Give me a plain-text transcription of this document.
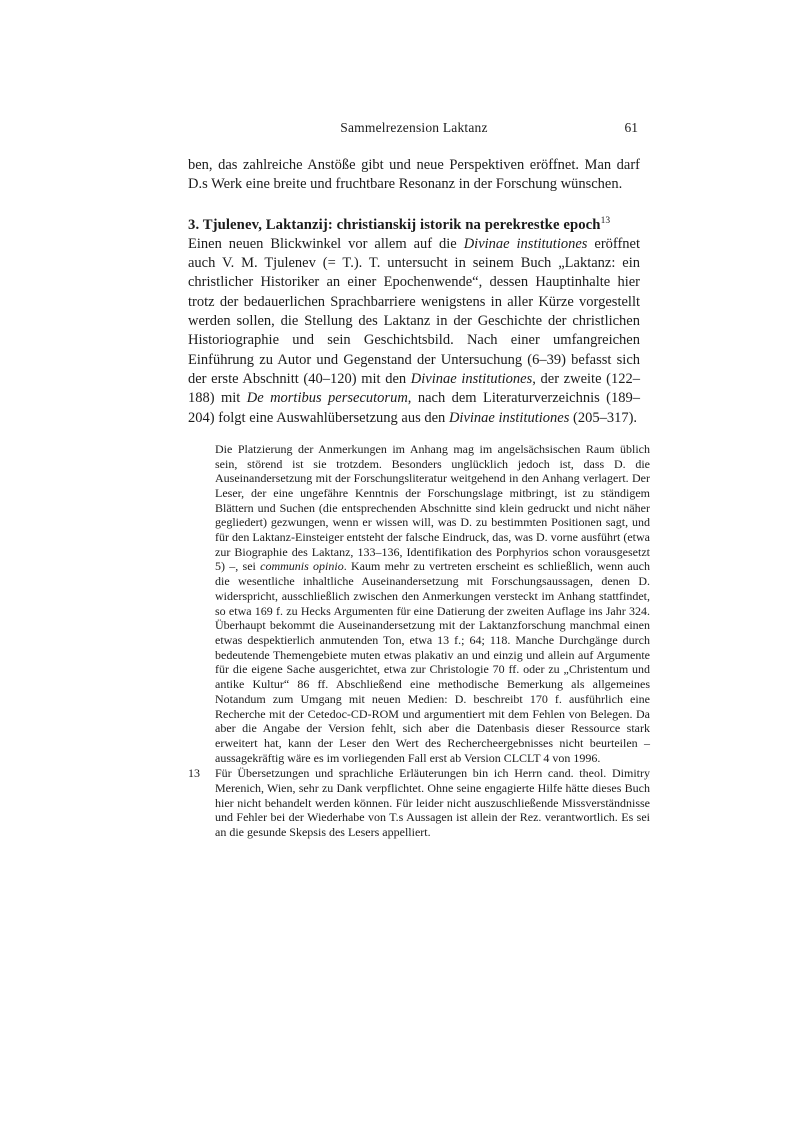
Sammelrezension Laktanz	61

ben, das zahlreiche Anstöße gibt und neue Perspektiven eröffnet. Man darf D.s Werk eine breite und fruchtbare Resonanz in der Forschung wünschen.

3. Tjulenev, Laktanzij: christianskij istorik na perekrestke epoch$^{13}$

Einen neuen Blickwinkel vor allem auf die Divinae institutiones eröffnet auch V. M. Tjulenev (= T.). T. untersucht in seinem Buch „Laktanz: ein christlicher Historiker an einer Epochenwende“, dessen Hauptinhalte hier trotz der bedauerlichen Sprachbarriere wenigstens in aller Kürze vorgestellt werden sollen, die Stellung des Laktanz in der Geschichte der christlichen Historiographie und sein Geschichtsbild. Nach einer umfangreichen Einführung zu Autor und Gegenstand der Untersuchung (6–39) befasst sich der erste Abschnitt (40–120) mit den Divinae institutiones, der zweite (122–188) mit De mortibus persecutorum, nach dem Literaturverzeichnis (189–204) folgt eine Auswahlübersetzung aus den Divinae institutiones (205–317).

Die Platzierung der Anmerkungen im Anhang mag im angelsächsischen Raum üblich sein, störend ist sie trotzdem. Besonders unglücklich jedoch ist, dass D. die Auseinandersetzung mit der Forschungsliteratur weitgehend in den Anhang verlagert. Der Leser, der eine ungefähre Kenntnis der Forschungslage mitbringt, ist zu ständigem Blättern und Suchen (die entsprechenden Abschnitte sind klein gedruckt und nicht näher gegliedert) gezwungen, wenn er wissen will, was D. zu bestimmten Positionen sagt, und für den Laktanz-Einsteiger entsteht der falsche Eindruck, das, was D. vorne ausführt (etwa zur Biographie des Laktanz, 133–136, Identifikation des Porphyrios schon vorausgesetzt 5) –, sei communis opinio. Kaum mehr zu vertreten erscheint es schließlich, wenn auch die wesentliche inhaltliche Auseinandersetzung mit Forschungsaussagen, denen D. widerspricht, ausschließlich zwischen den Anmerkungen versteckt im Anhang stattfindet, so etwa 169 f. zu Hecks Argumenten für eine Datierung der zweiten Auflage ins Jahr 324. Überhaupt bekommt die Auseinandersetzung mit der Laktanzforschung manchmal einen etwas despektierlich anmutenden Ton, etwa 13 f.; 64; 118. Manche Durchgänge durch bedeutende Themengebiete muten etwas plakativ an und einzig und allein auf Argumente für die eigene Sache ausgerichtet, etwa zur Christologie 70 ff. oder zu „Christentum und antike Kultur“ 86 ff. Abschließend eine methodische Bemerkung als allgemeines Notandum zum Umgang mit neuen Medien: D. beschreibt 170 f. ausführlich eine Recherche mit der Cetedoc-CD-ROM und argumentiert mit dem Fehlen von Belegen. Da aber die Angabe der Version fehlt, sich aber die Datenbasis dieser Ressource stark erweitert hat, kann der Leser den Wert des Rechercheergebnisses nicht beurteilen – aussagekräftig wäre es im vorliegenden Fall erst ab Version CLCLT 4 von 1996.

13	Für Übersetzungen und sprachliche Erläuterungen bin ich Herrn cand. theol. Dimitry Merenich, Wien, sehr zu Dank verpflichtet. Ohne seine engagierte Hilfe hätte dieses Buch hier nicht behandelt werden können. Für leider nicht auszuschließende Missverständnisse und Fehler bei der Wiederhabe von T.s Aussagen ist allein der Rez. verantwortlich. Es sei an die gesunde Skepsis des Lesers appelliert.
